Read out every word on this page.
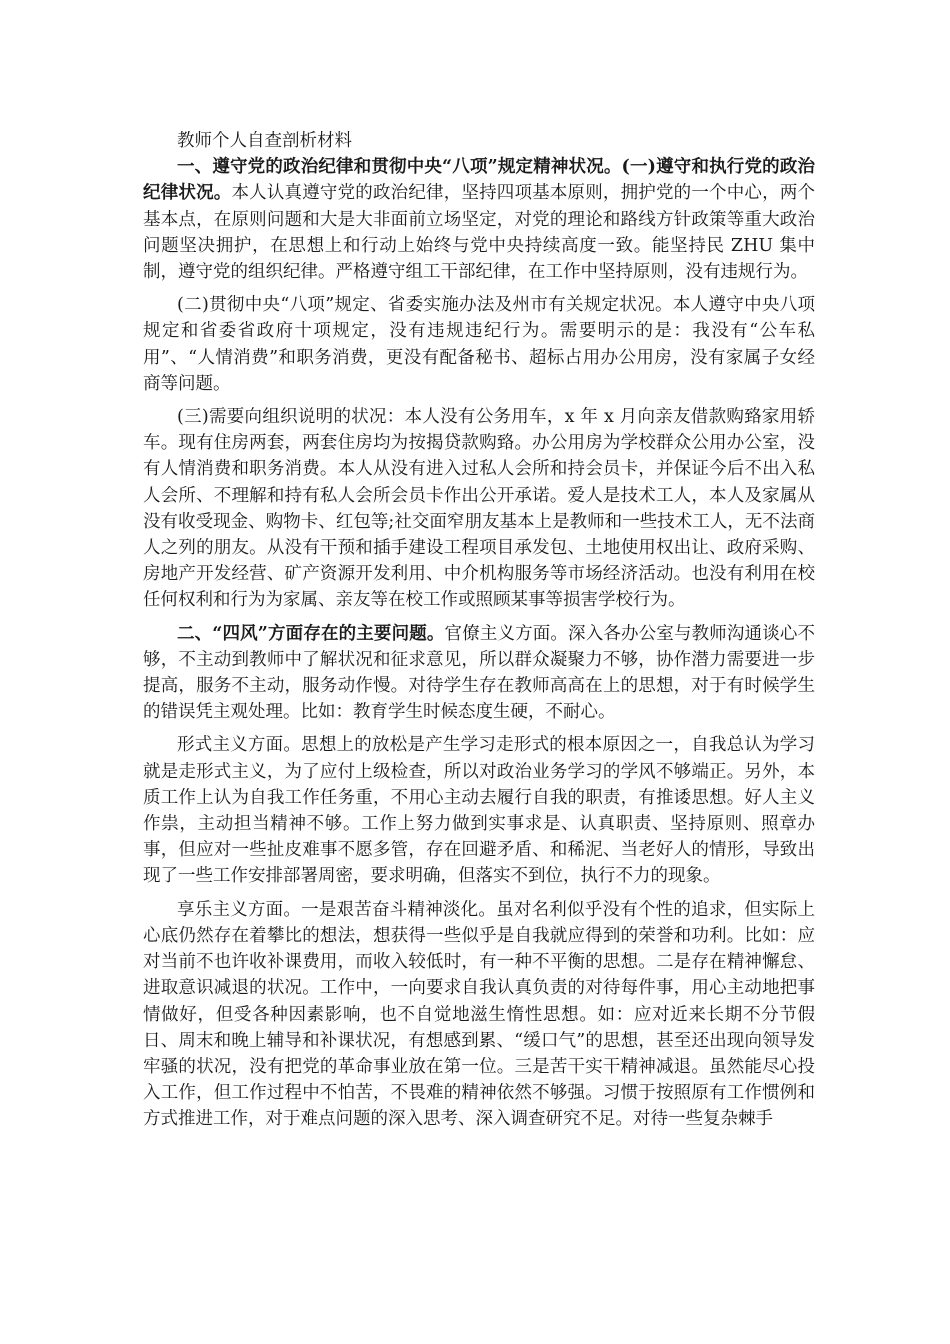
教师个人自查剖析材料

一、遵守党的政治纪律和贯彻中央“八项”规定精神状况。(一)遵守和执行党的政治纪律状况。本人认真遵守党的政治纪律，坚持四项基本原则，拥护党的一个中心，两个基本点，在原则问题和大是大非面前立场坚定，对党的理论和路线方针政策等重大政治问题坚决拥护，在思想上和行动上始终与党中央持续高度一致。能坚持民 ZHU 集中制，遵守党的组织纪律。严格遵守组工干部纪律，在工作中坚持原则，没有违规行为。

(二)贯彻中央“八项”规定、省委实施办法及州市有关规定状况。本人遵守中央八项规定和省委省政府十项规定，没有违规违纪行为。需要明示的是：我没有“公车私用”、“人情消费”和职务消费，更没有配备秘书、超标占用办公用房，没有家属子女经商等问题。

(三)需要向组织说明的状况：本人没有公务用车，x 年 x 月向亲友借款购臵家用轿车。现有住房两套，两套住房均为按揭贷款购臵。办公用房为学校群众公用办公室，没有人情消费和职务消费。本人从没有进入过私人会所和持会员卡，并保证今后不出入私人会所、不理解和持有私人会所会员卡作出公开承诺。爱人是技术工人，本人及家属从没有收受现金、购物卡、红包等;社交面窄朋友基本上是教师和一些技术工人，无不法商人之列的朋友。从没有干预和插手建设工程项目承发包、土地使用权出让、政府采购、房地产开发经营、矿产资源开发利用、中介机构服务等市场经济活动。也没有利用在校任何权利和行为为家属、亲友等在校工作或照顾某事等损害学校行为。

二、“四风”方面存在的主要问题。官僚主义方面。深入各办公室与教师沟通谈心不够，不主动到教师中了解状况和征求意见，所以群众凝聚力不够，协作潜力需要进一步提高，服务不主动，服务动作慢。对待学生存在教师高高在上的思想，对于有时候学生的错误凭主观处理。比如：教育学生时候态度生硬，不耐心。

形式主义方面。思想上的放松是产生学习走形式的根本原因之一，自我总认为学习就是走形式主义，为了应付上级检查，所以对政治业务学习的学风不够端正。另外，本质工作上认为自我工作任务重，不用心主动去履行自我的职责，有推诿思想。好人主义作祟，主动担当精神不够。工作上努力做到实事求是、认真职责、坚持原则、照章办事，但应对一些扯皮难事不愿多管，存在回避矛盾、和稀泥、当老好人的情形，导致出现了一些工作安排部署周密，要求明确，但落实不到位，执行不力的现象。

享乐主义方面。一是艰苦奋斗精神淡化。虽对名利似乎没有个性的追求，但实际上心底仍然存在着攀比的想法，想获得一些似乎是自我就应得到的荣誉和功利。比如：应对当前不也许收补课费用，而收入较低时，有一种不平衡的思想。二是存在精神懈怠、进取意识减退的状况。工作中，一向要求自我认真负责的对待每件事，用心主动地把事情做好，但受各种因素影响，也不自觉地滋生惰性思想。如：应对近来长期不分节假日、周末和晚上辅导和补课状况，有想感到累、“缓口气”的思想，甚至还出现向领导发牢骚的状况，没有把党的革命事业放在第一位。三是苦干实干精神减退。虽然能尽心投入工作，但工作过程中不怕苦，不畏难的精神依然不够强。习惯于按照原有工作惯例和方式推进工作，对于难点问题的深入思考、深入调查研究不足。对待一些复杂棘手
